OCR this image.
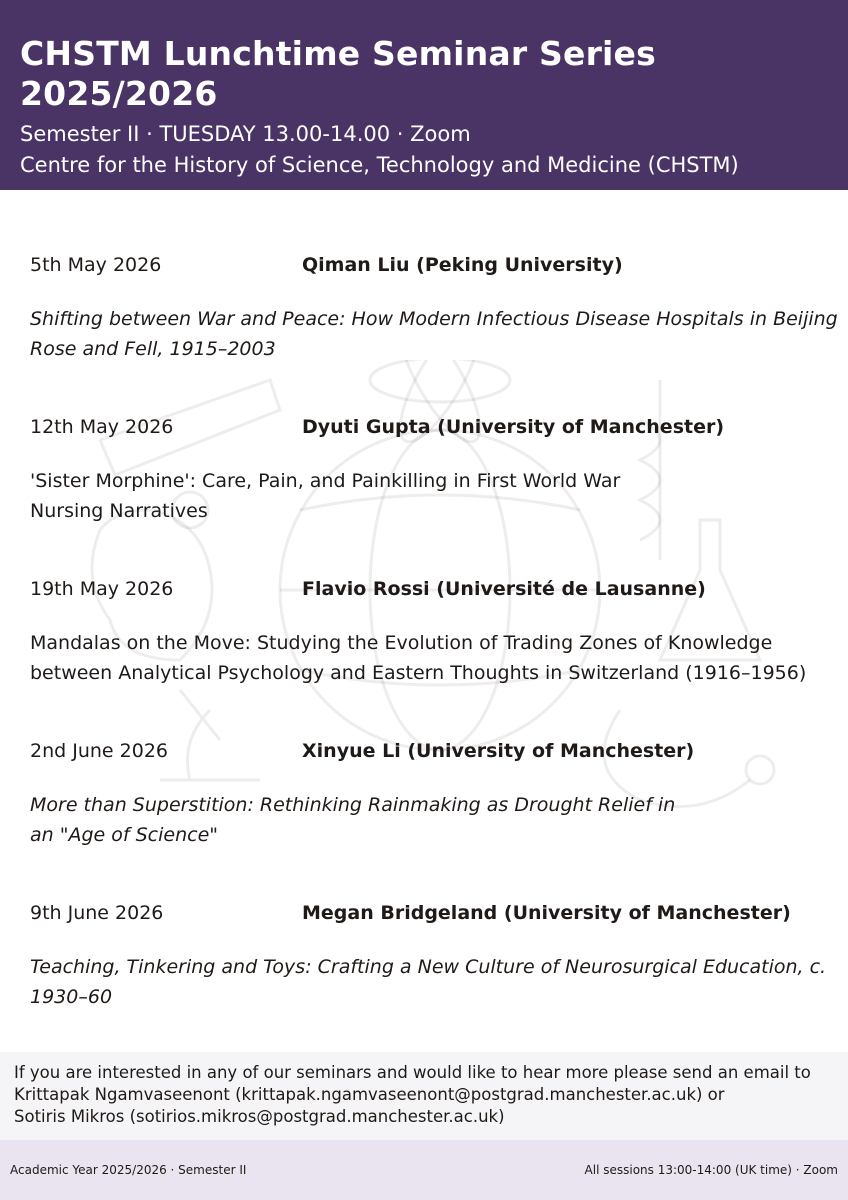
CHSTM Lunchtime Seminar Series 2025/2026
Semester II · TUESDAY 13.00-14.00 · Zoom
Centre for the History of Science, Technology and Medicine (CHSTM)
5th May 2026	Qiman Liu (Peking University)
Shifting between War and Peace: How Modern Infectious Disease Hospitals in Beijing Rose and Fell, 1915–2003
12th May 2026	Dyuti Gupta (University of Manchester)
'Sister Morphine': Care, Pain, and Painkilling in First World War Nursing Narratives
19th May 2026	Flavio Rossi (Université de Lausanne)
Mandalas on the Move: Studying the Evolution of Trading Zones of Knowledge between Analytical Psychology and Eastern Thoughts in Switzerland (1916–1956)
2nd June 2026	Xinyue Li (University of Manchester)
More than Superstition: Rethinking Rainmaking as Drought Relief in an "Age of Science"
9th June 2026	Megan Bridgeland (University of Manchester)
Teaching, Tinkering and Toys: Crafting a New Culture of Neurosurgical Education, c. 1930–60
If you are interested in any of our seminars and would like to hear more please send an email to
Krittapak Ngamvaseenont (krittapak.ngamvaseenont@postgrad.manchester.ac.uk) or
Sotiris Mikros (sotirios.mikros@postgrad.manchester.ac.uk)
Academic Year 2025/2026 · Semester II	All sessions 13:00-14:00 (UK time) · Zoom
